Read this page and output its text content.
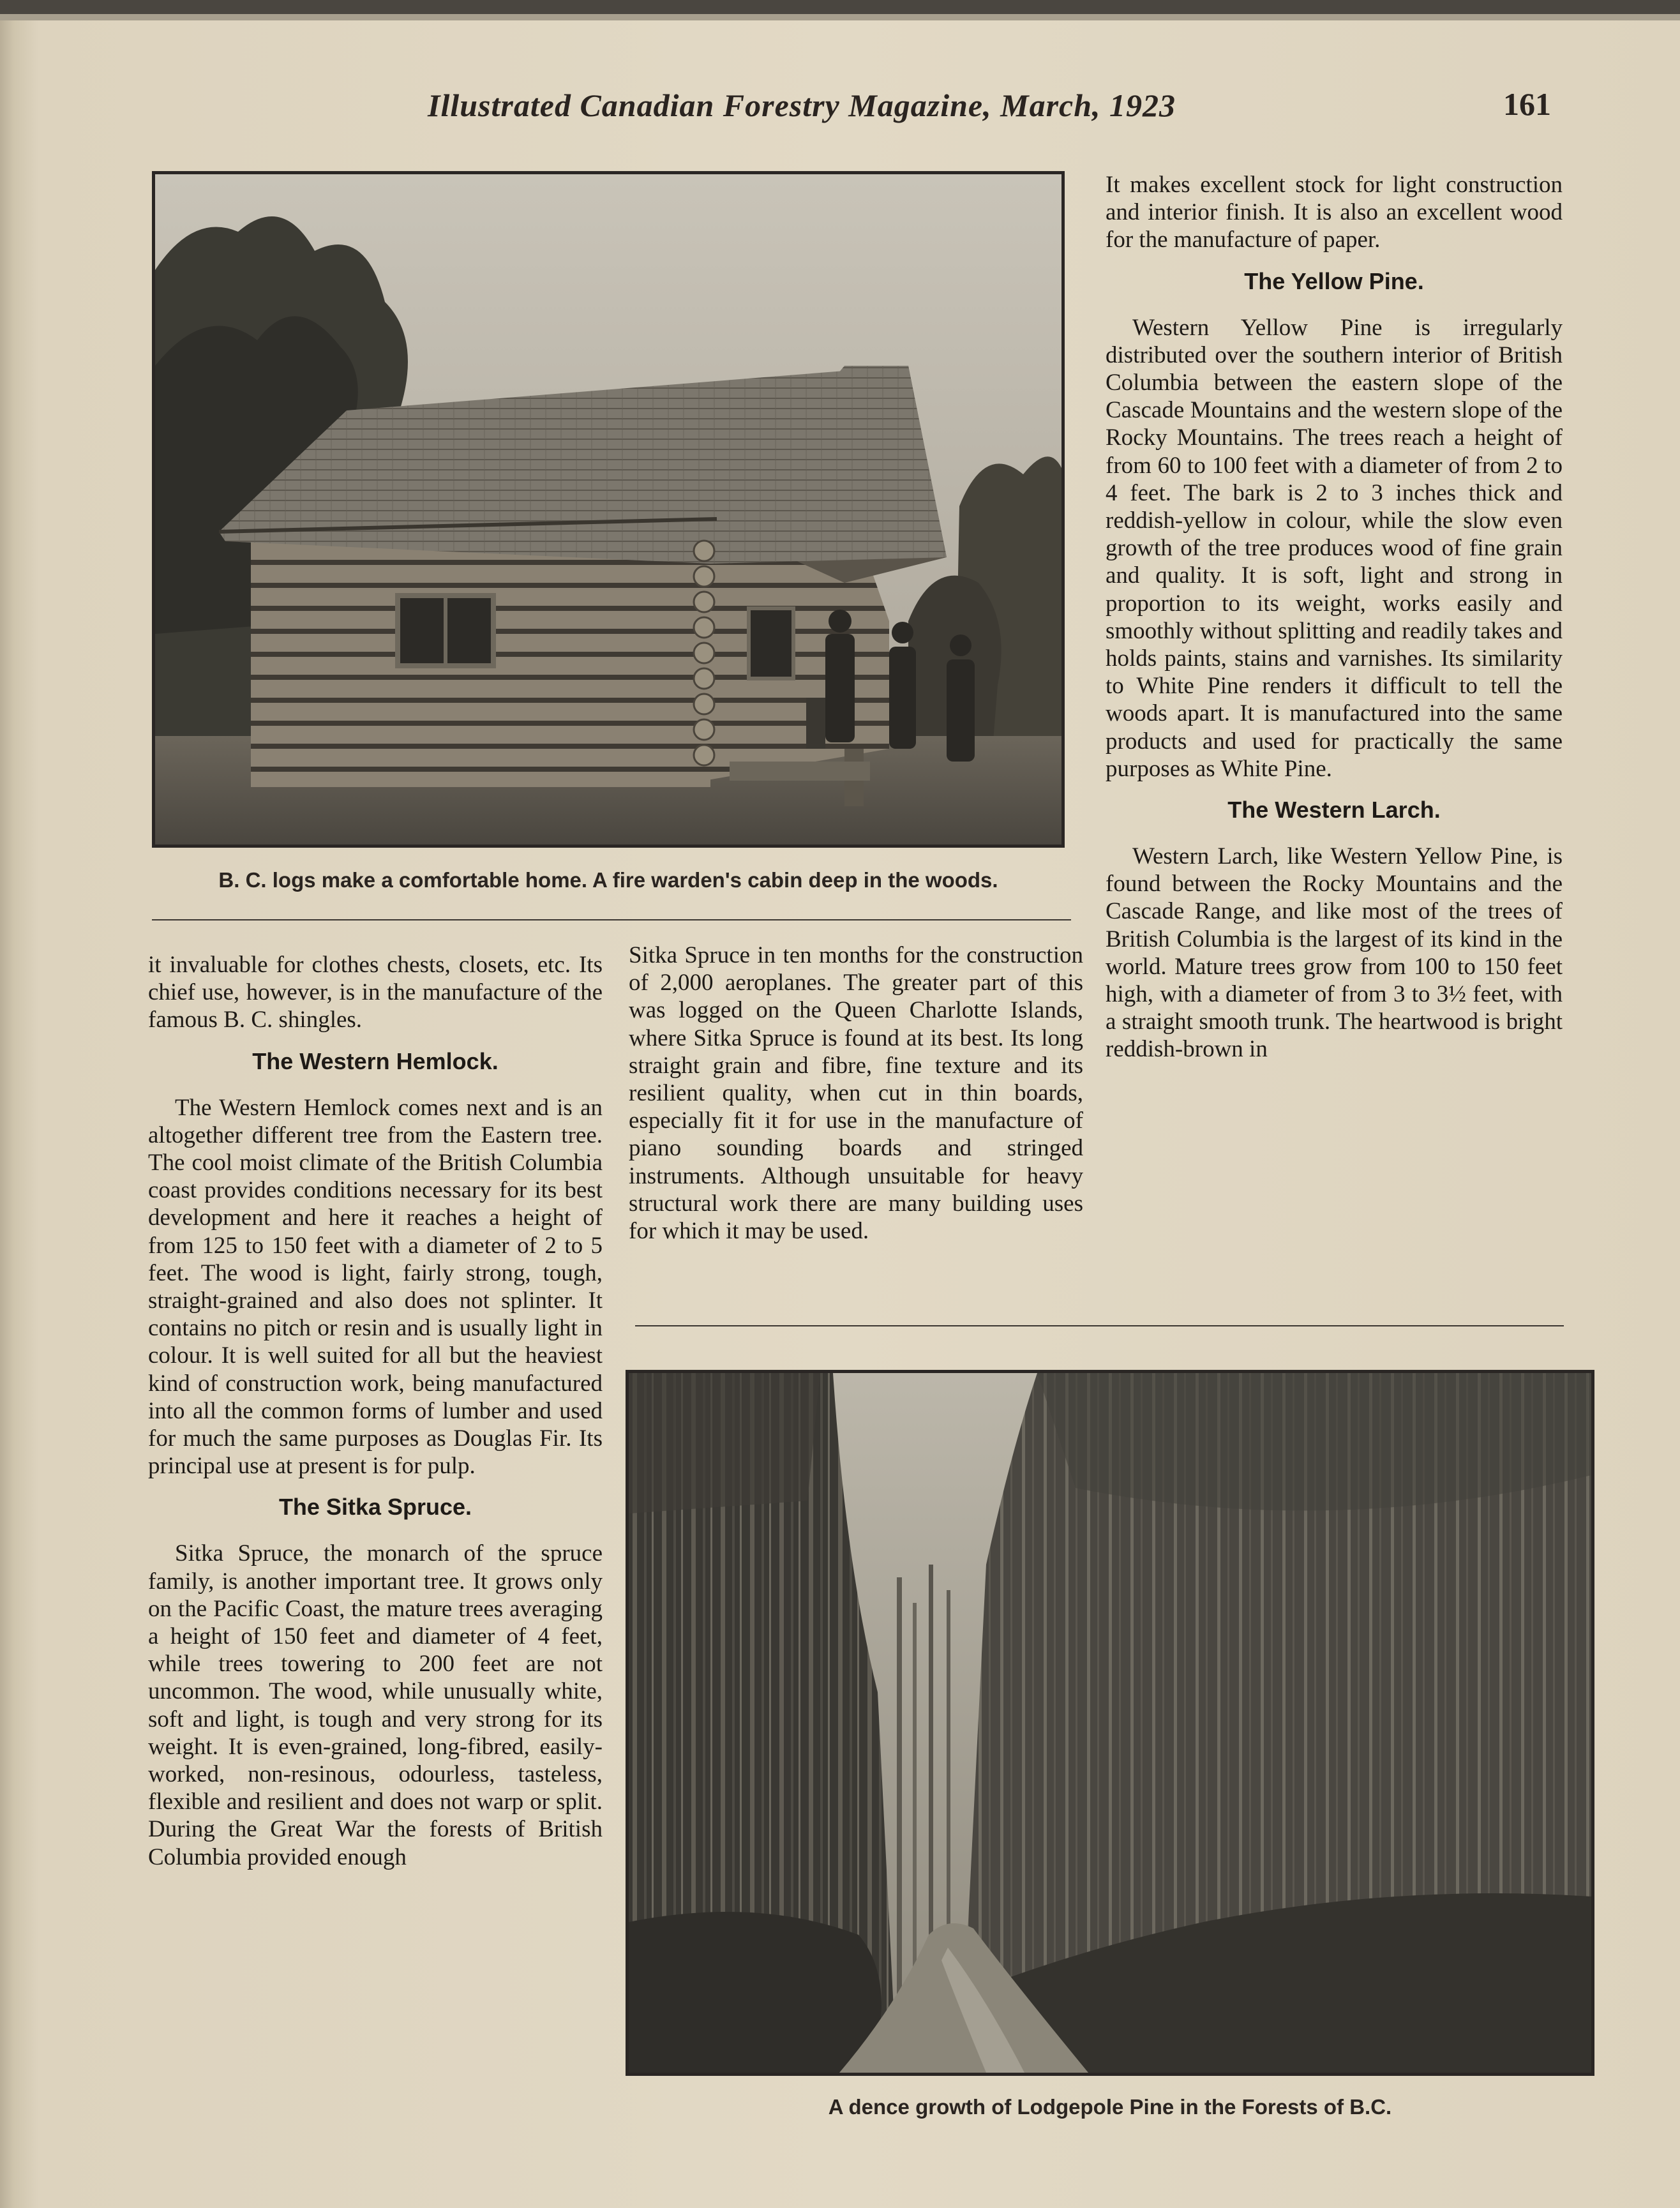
Illustrated Canadian Forestry Magazine, March, 1923	161
B. C. logs make a comfortable home. A fire warden's cabin deep in the woods.

it invaluable for clothes chests, closets, etc. Its chief use, however, is in the manufacture of the famous B. C. shingles.

The Western Hemlock.

The Western Hemlock comes next and is an altogether different tree from the Eastern tree. The cool moist climate of the British Columbia coast provides conditions necessary for its best development and here it reaches a height of from 125 to 150 feet with a diameter of 2 to 5 feet. The wood is light, fairly strong, tough, straight-grained and also does not splinter. It contains no pitch or resin and is usually light in colour. It is well suited for all but the heaviest kind of construction work, being manufactured into all the common forms of lumber and used for much the same purposes as Douglas Fir. Its principal use at present is for pulp.

The Sitka Spruce.

Sitka Spruce, the monarch of the spruce family, is another important tree. It grows only on the Pacific Coast, the mature trees averaging a height of 150 feet and diameter of 4 feet, while trees towering to 200 feet are not uncommon. The wood, while unusually white, soft and light, is tough and very strong for its weight. It is even-grained, long-fibred, easily-worked, non-resinous, odourless, tasteless, flexible and resilient and does not warp or split. During the Great War the forests of British Columbia provided enough

Sitka Spruce in ten months for the construction of 2,000 aeroplanes. The greater part of this was logged on the Queen Charlotte Islands, where Sitka Spruce is found at its best. Its long straight grain and fibre, fine texture and its resilient quality, when cut in thin boards, especially fit it for use in the manufacture of piano sounding boards and stringed instruments. Although unsuitable for heavy structural work there are many building uses for which it may be used.

It makes excellent stock for light construction and interior finish. It is also an excellent wood for the manufacture of paper.

The Yellow Pine.

Western Yellow Pine is irregularly distributed over the southern interior of British Columbia between the eastern slope of the Cascade Mountains and the western slope of the Rocky Mountains. The trees reach a height of from 60 to 100 feet with a diameter of from 2 to 4 feet. The bark is 2 to 3 inches thick and reddish-yellow in colour, while the slow even growth of the tree produces wood of fine grain and quality. It is soft, light and strong in proportion to its weight, works easily and smoothly without splitting and readily takes and holds paints, stains and varnishes. Its similarity to White Pine renders it difficult to tell the woods apart. It is manufactured into the same products and used for practically the same purposes as White Pine.

The Western Larch.

Western Larch, like Western Yellow Pine, is found between the Rocky Mountains and the Cascade Range, and like most of the trees of British Columbia is the largest of its kind in the world. Mature trees grow from 100 to 150 feet high, with a diameter of from 3 to 3½ feet, with a straight smooth trunk. The heartwood is bright reddish-brown in

A dence growth of Lodgepole Pine in the Forests of B.C.
